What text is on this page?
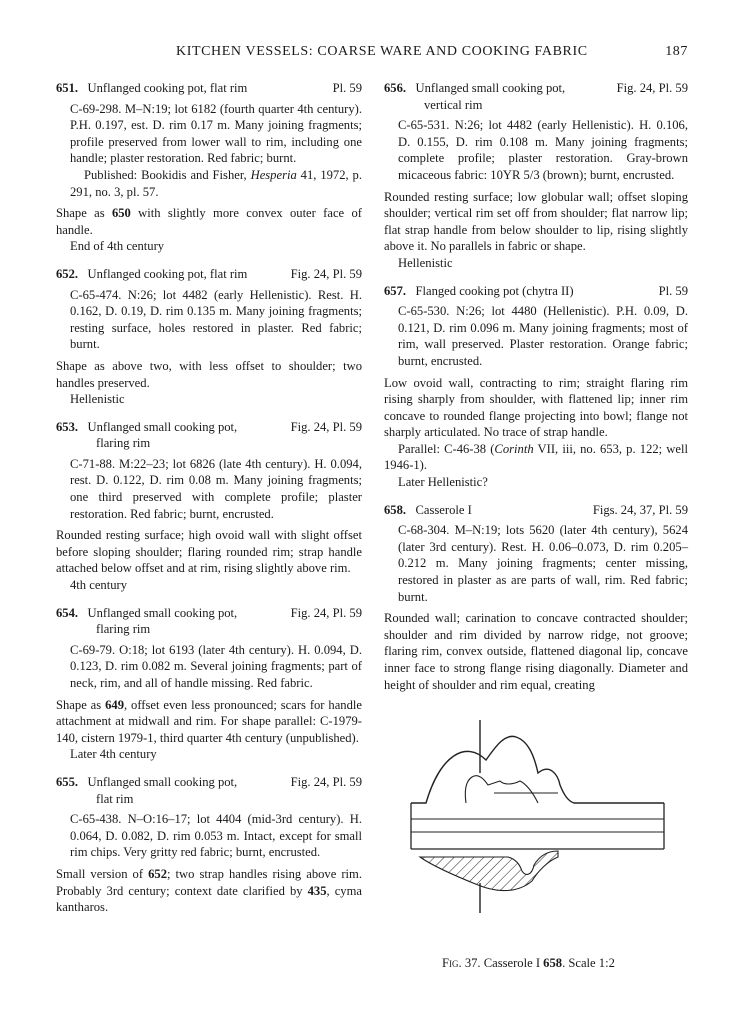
KITCHEN VESSELS: COARSE WARE AND COOKING FABRIC	187
651. Unflanged cooking pot, flat rim	Pl. 59
C-69-298. M–N:19; lot 6182 (fourth quarter 4th century). P.H. 0.197, est. D. rim 0.17 m. Many joining fragments; profile preserved from lower wall to rim, including one handle; plaster restoration. Red fabric; burnt.
Published: Bookidis and Fisher, Hesperia 41, 1972, p. 291, no. 3, pl. 57.
Shape as 650 with slightly more convex outer face of handle.
End of 4th century
652. Unflanged cooking pot, flat rim	Fig. 24, Pl. 59
C-65-474. N:26; lot 4482 (early Hellenistic). Rest. H. 0.162, D. 0.19, D. rim 0.135 m. Many joining fragments; resting surface, holes restored in plaster. Red fabric; burnt.
Shape as above two, with less offset to shoulder; two handles preserved.
Hellenistic
653. Unflanged small cooking pot,	Fig. 24, Pl. 59
flaring rim
C-71-88. M:22–23; lot 6826 (late 4th century). H. 0.094, rest. D. 0.122, D. rim 0.08 m. Many joining fragments; one third preserved with complete profile; plaster restoration. Red fabric; burnt, encrusted.
Rounded resting surface; high ovoid wall with slight offset before sloping shoulder; flaring rounded rim; strap handle attached below offset and at rim, rising slightly above rim.
4th century
654. Unflanged small cooking pot,	Fig. 24, Pl. 59
flaring rim
C-69-79. O:18; lot 6193 (later 4th century). H. 0.094, D. 0.123, D. rim 0.082 m. Several joining fragments; part of neck, rim, and all of handle missing. Red fabric.
Shape as 649, offset even less pronounced; scars for handle attachment at midwall and rim. For shape parallel: C-1979-140, cistern 1979-1, third quarter 4th century (unpublished).
Later 4th century
655. Unflanged small cooking pot,	Fig. 24, Pl. 59
flat rim
C-65-438. N–O:16–17; lot 4404 (mid-3rd century). H. 0.064, D. 0.082, D. rim 0.053 m. Intact, except for small rim chips. Very gritty red fabric; burnt, encrusted.
Small version of 652; two strap handles rising above rim. Probably 3rd century; context date clarified by 435, cyma kantharos.
656. Unflanged small cooking pot,	Fig. 24, Pl. 59
vertical rim
C-65-531. N:26; lot 4482 (early Hellenistic). H. 0.106, D. 0.155, D. rim 0.108 m. Many joining fragments; complete profile; plaster restoration. Gray-brown micaceous fabric: 10YR 5/3 (brown); burnt, encrusted.
Rounded resting surface; low globular wall; offset sloping shoulder; vertical rim set off from shoulder; flat narrow lip; flat strap handle from below shoulder to lip, rising slightly above it. No parallels in fabric or shape.
Hellenistic
657. Flanged cooking pot (chytra II)	Pl. 59
C-65-530. N:26; lot 4480 (Hellenistic). P.H. 0.09, D. 0.121, D. rim 0.096 m. Many joining fragments; most of rim, wall preserved. Plaster restoration. Orange fabric; burnt, encrusted.
Low ovoid wall, contracting to rim; straight flaring rim rising sharply from shoulder, with flattened lip; inner rim concave to rounded flange projecting into bowl; flange not sharply articulated. No trace of strap handle.
Parallel: C-46-38 (Corinth VII, iii, no. 653, p. 122; well 1946-1).
Later Hellenistic?
658. Casserole I	Figs. 24, 37, Pl. 59
C-68-304. M–N:19; lots 5620 (later 4th century), 5624 (later 3rd century). Rest. H. 0.06–0.073, D. rim 0.205–0.212 m. Many joining fragments; center missing, restored in plaster as are parts of wall, rim. Red fabric; burnt.
Rounded wall; carination to concave contracted shoulder; shoulder and rim divided by narrow ridge, not groove; flaring rim, convex outside, flattened diagonal lip, concave inner face to strong flange rising diagonally. Diameter and height of shoulder and rim equal, creating
Fig. 37. Casserole I 658. Scale 1:2
